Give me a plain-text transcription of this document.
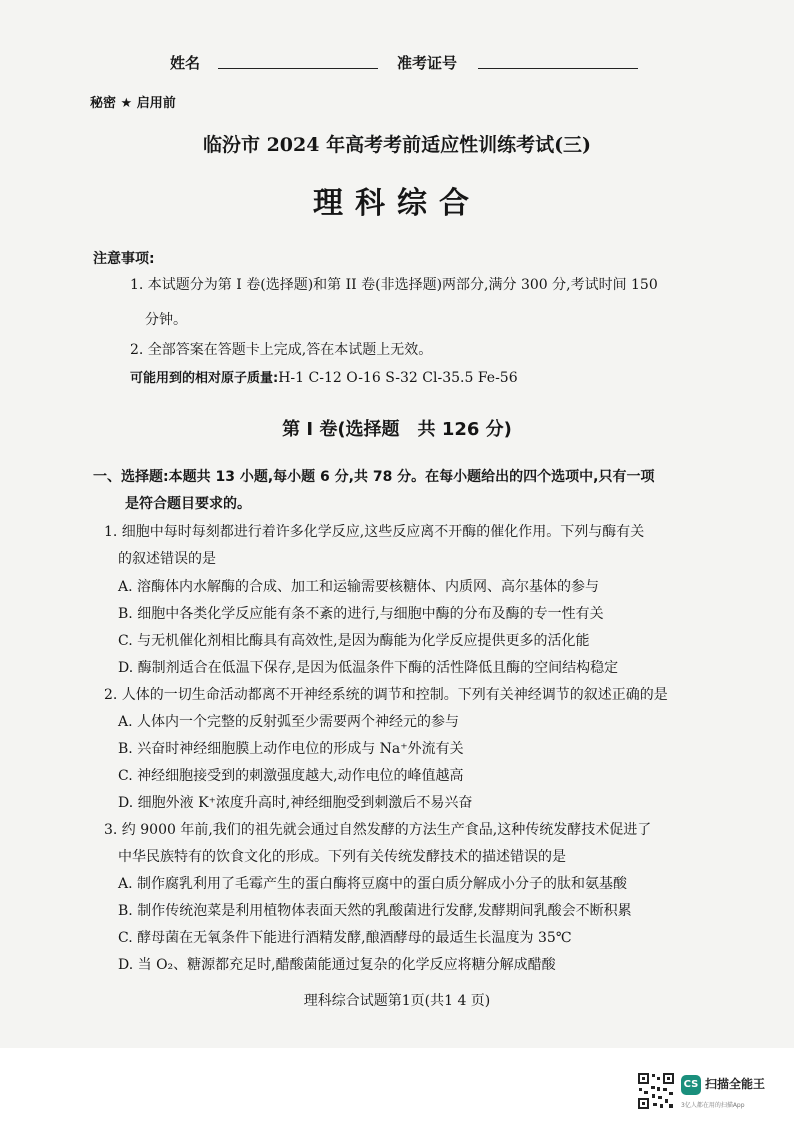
姓名	准考证号
秘密 ★ 启用前
临汾市 2024 年高考考前适应性训练考试(三)
理科综合
注意事项:
1. 本试题分为第 I 卷(选择题)和第 II 卷(非选择题)两部分,满分 300 分,考试时间 150
分钟。
2. 全部答案在答题卡上完成,答在本试题上无效。
可能用到的相对原子质量:H-1 C-12 O-16 S-32 Cl-35.5 Fe-56
第 I 卷(选择题　共 126 分)
一、选择题:本题共 13 小题,每小题 6 分,共 78 分。在每小题给出的四个选项中,只有一项
是符合题目要求的。
1. 细胞中每时每刻都进行着许多化学反应,这些反应离不开酶的催化作用。下列与酶有关
的叙述错误的是
A. 溶酶体内水解酶的合成、加工和运输需要核糖体、内质网、高尔基体的参与
B. 细胞中各类化学反应能有条不紊的进行,与细胞中酶的分布及酶的专一性有关
C. 与无机催化剂相比酶具有高效性,是因为酶能为化学反应提供更多的活化能
D. 酶制剂适合在低温下保存,是因为低温条件下酶的活性降低且酶的空间结构稳定
2. 人体的一切生命活动都离不开神经系统的调节和控制。下列有关神经调节的叙述正确的是
A. 人体内一个完整的反射弧至少需要两个神经元的参与
B. 兴奋时神经细胞膜上动作电位的形成与 Na⁺外流有关
C. 神经细胞接受到的刺激强度越大,动作电位的峰值越高
D. 细胞外液 K⁺浓度升高时,神经细胞受到刺激后不易兴奋
3. 约 9000 年前,我们的祖先就会通过自然发酵的方法生产食品,这种传统发酵技术促进了
中华民族特有的饮食文化的形成。下列有关传统发酵技术的描述错误的是
A. 制作腐乳利用了毛霉产生的蛋白酶将豆腐中的蛋白质分解成小分子的肽和氨基酸
B. 制作传统泡菜是利用植物体表面天然的乳酸菌进行发酵,发酵期间乳酸会不断积累
C. 酵母菌在无氧条件下能进行酒精发酵,酿酒酵母的最适生长温度为 35℃
D. 当 O₂、糖源都充足时,醋酸菌能通过复杂的化学反应将糖分解成醋酸
理科综合试题第1页(共1 4 页)
CS 扫描全能王
3亿人都在用的扫描App
